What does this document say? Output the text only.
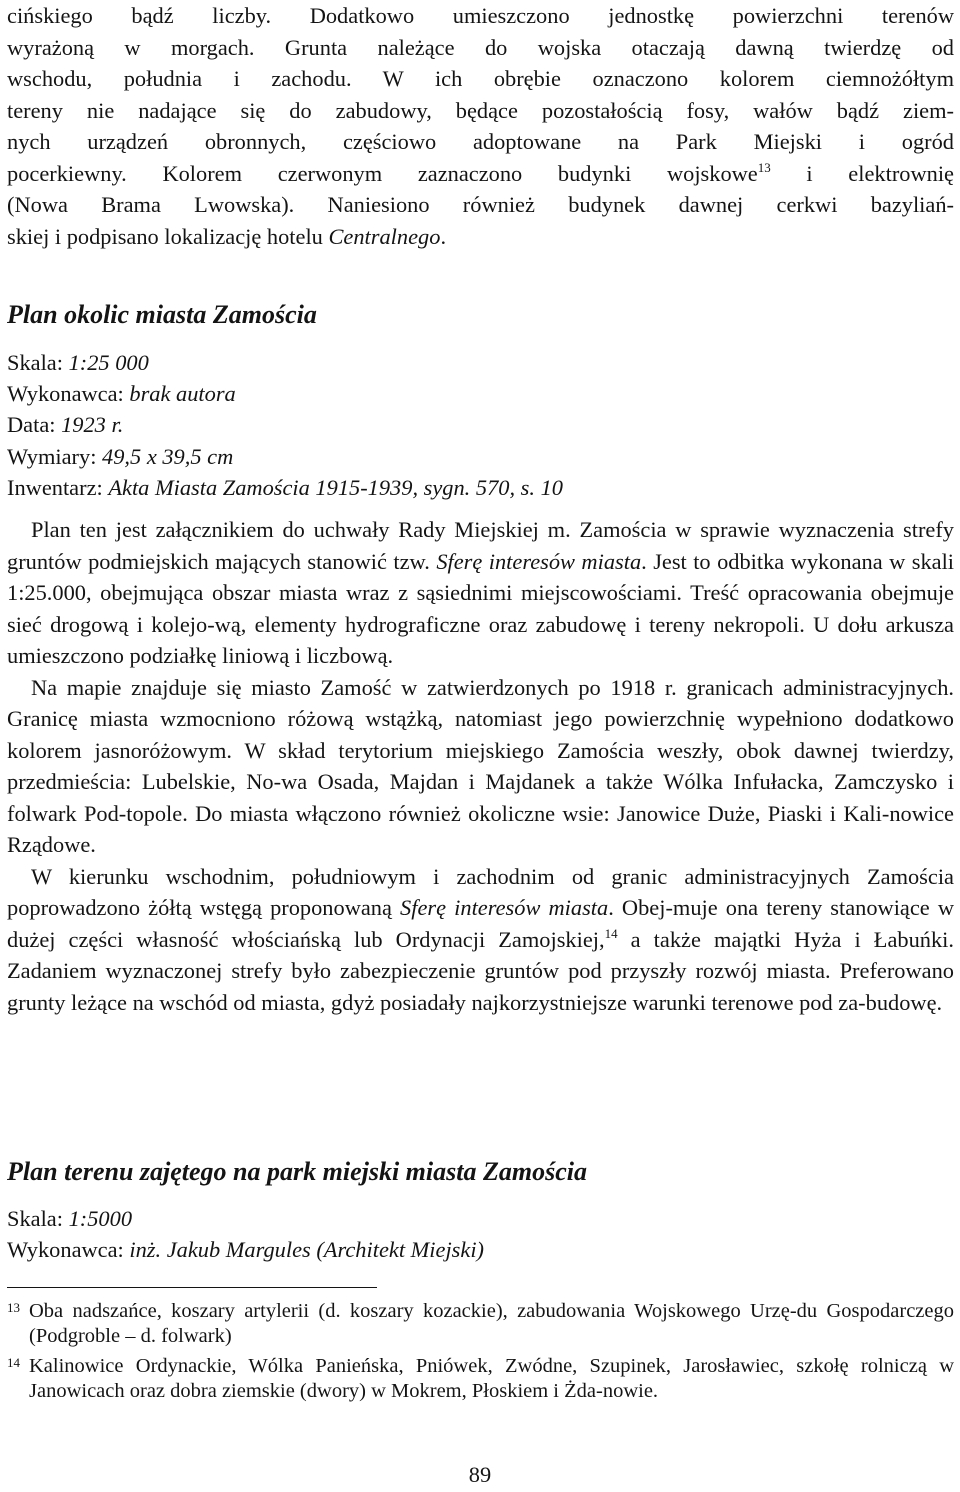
cińskiego bądź liczby. Dodatkowo umieszczono jednostkę powierzchni terenów

wyrażoną w morgach. Grunta należące do wojska otaczają dawną twierdzę od

wschodu, południa i zachodu. W ich obrębie oznaczono kolorem ciemnożółtym

tereny nie nadające się do zabudowy, będące pozostałością fosy, wałów bądź ziem-

nych urządzeń obronnych, częściowo adoptowane na Park Miejski i ogród

pocerkiewny. Kolorem czerwonym zaznaczono budynki wojskowe$^{13}$ i elektrownię

(Nowa Brama Lwowska). Naniesiono również budynek dawnej cerkwi bazyliań-

skiej i podpisano lokalizację hotelu Centralnego.

Plan okolic miasta Zamościa

Skala: 1:25 000

Wykonawca: brak autora

Data: 1923 r.

Wymiary: 49,5 x 39,5 cm

Inwentarz: Akta Miasta Zamościa 1915-1939, sygn. 570, s. 10

Plan ten jest załącznikiem do uchwały Rady Miejskiej m. Zamościa w sprawie wyznaczenia strefy gruntów podmiejskich mających stanowić tzw. Sferę interesów miasta. Jest to odbitka wykonana w skali 1:25.000, obejmująca obszar miasta wraz z sąsiednimi miejscowościami. Treść opracowania obejmuje sieć drogową i kolejo-wą, elementy hydrograficzne oraz zabudowę i tereny nekropoli. U dołu arkusza umieszczono podziałkę liniową i liczbową.

Na mapie znajduje się miasto Zamość w zatwierdzonych po 1918 r. granicach administracyjnych. Granicę miasta wzmocniono różową wstążką, natomiast jego powierzchnię wypełniono dodatkowo kolorem jasnoróżowym. W skład terytorium miejskiego Zamościa weszły, obok dawnej twierdzy, przedmieścia: Lubelskie, No-wa Osada, Majdan i Majdanek a także Wólka Infułacka, Zamczysko i folwark Pod-topole. Do miasta włączono również okoliczne wsie: Janowice Duże, Piaski i Kali-nowice Rządowe.

W kierunku wschodnim, południowym i zachodnim od granic administracyjnych Zamościa poprowadzono żółtą wstęgą proponowaną Sferę interesów miasta. Obej-muje ona tereny stanowiące w dużej części własność włościańską lub Ordynacji Zamojskiej,$^{14}$ a także majątki Hyża i Łabuńki. Zadaniem wyznaczonej strefy było zabezpieczenie gruntów pod przyszły rozwój miasta. Preferowano grunty leżące na wschód od miasta, gdyż posiadały najkorzystniejsze warunki terenowe pod za-budowę.

Plan terenu zajętego na park miejski miasta Zamościa

Skala: 1:5000

Wykonawca: inż. Jakub Margules (Architekt Miejski)

13 Oba nadszańce, koszary artylerii (d. koszary kozackie), zabudowania Wojskowego Urzę-du Gospodarczego (Podgroble – d. folwark)
14 Kalinowice Ordynackie, Wólka Panieńska, Pniówek, Zwódne, Szupinek, Jarosławiec, szkołę rolniczą w Janowicach oraz dobra ziemskie (dwory) w Mokrem, Płoskiem i Żda-nowie.
89
